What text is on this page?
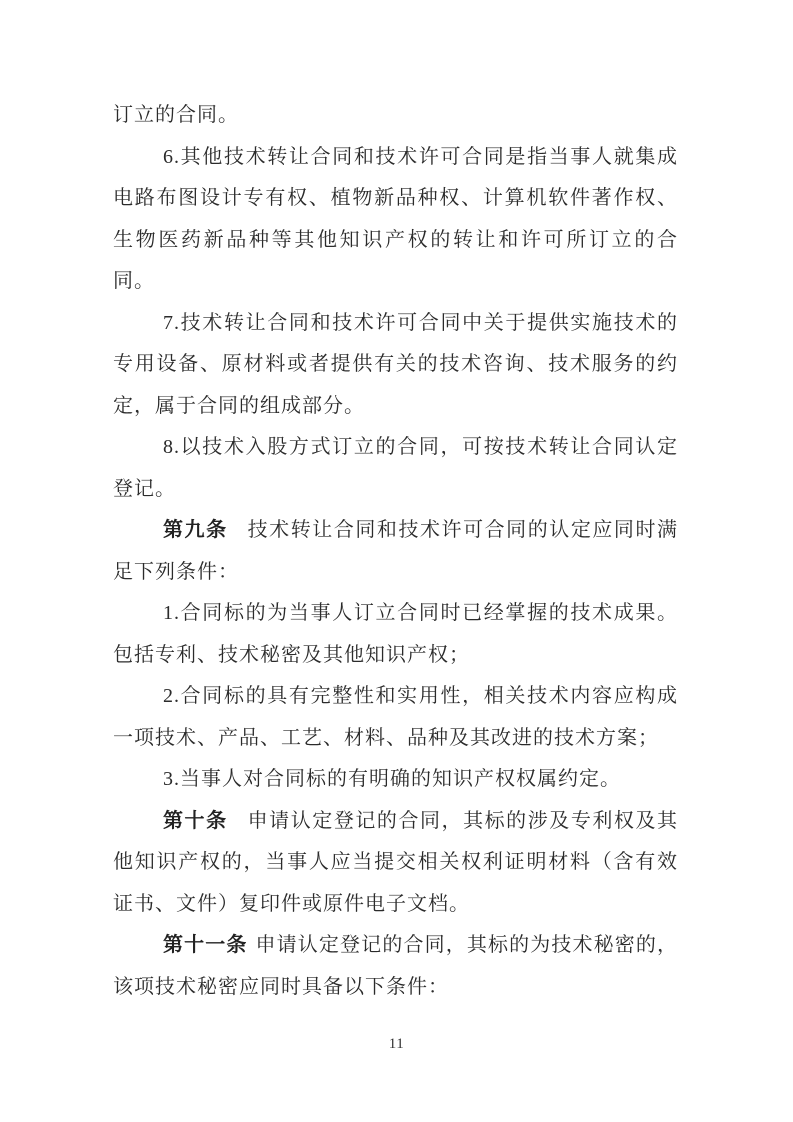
订立的合同。

6.其他技术转让合同和技术许可合同是指当事人就集成电路布图设计专有权、植物新品种权、计算机软件著作权、生物医药新品种等其他知识产权的转让和许可所订立的合同。

7.技术转让合同和技术许可合同中关于提供实施技术的专用设备、原材料或者提供有关的技术咨询、技术服务的约定，属于合同的组成部分。

8.以技术入股方式订立的合同，可按技术转让合同认定登记。

第九条 技术转让合同和技术许可合同的认定应同时满足下列条件：

1.合同标的为当事人订立合同时已经掌握的技术成果。包括专利、技术秘密及其他知识产权；

2.合同标的具有完整性和实用性，相关技术内容应构成一项技术、产品、工艺、材料、品种及其改进的技术方案；

3.当事人对合同标的有明确的知识产权权属约定。

第十条 申请认定登记的合同，其标的涉及专利权及其他知识产权的，当事人应当提交相关权利证明材料（含有效证书、文件）复印件或原件电子文档。

第十一条 申请认定登记的合同，其标的为技术秘密的，该项技术秘密应同时具备以下条件：

11
